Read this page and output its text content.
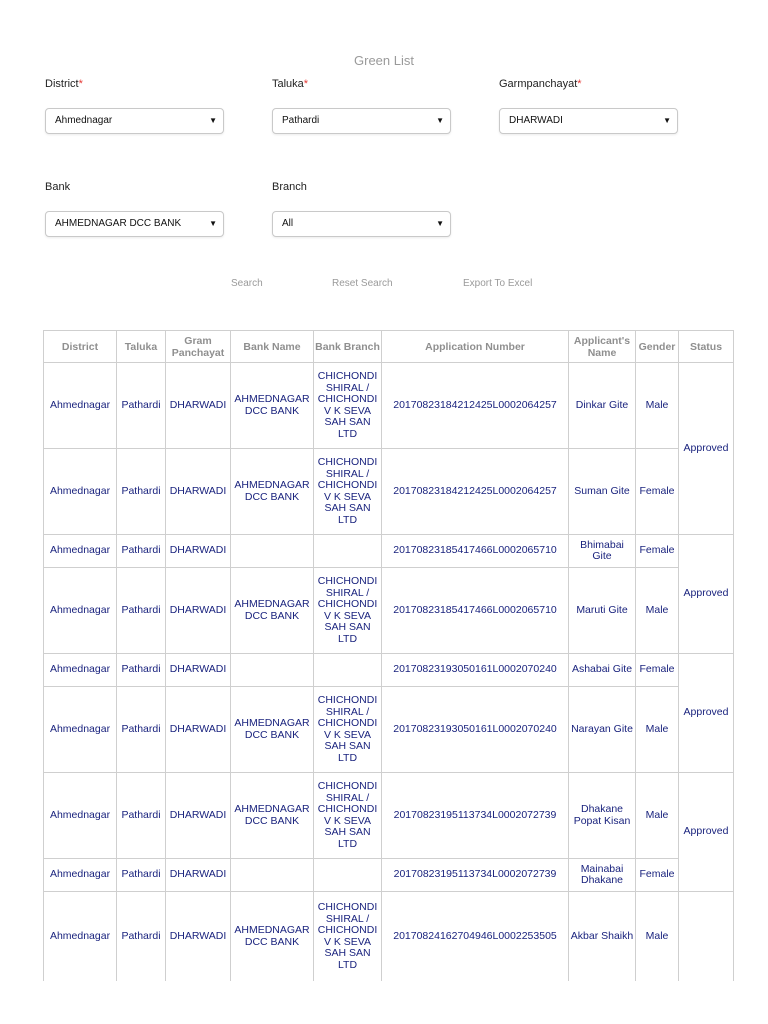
Green List
District*
Ahmednagar	▼
Taluka*
Pathardi	▼
Garmpanchayat*
DHARWADI	▼
Bank
AHMEDNAGAR DCC BANK	▼
Branch
All	▼
Search	Reset Search	Export To Excel
District	Taluka	Gram Panchayat	Bank Name	Bank Branch	Application Number	Applicant's Name	Gender	Status
Ahmednagar	Pathardi	DHARWADI	AHMEDNAGAR DCC BANK	CHICHONDI SHIRAL / CHICHONDI V K SEVA SAH SAN LTD	20170823184212425L0002064257	Dinkar Gite	Male	Approved
Ahmednagar	Pathardi	DHARWADI	AHMEDNAGAR DCC BANK	CHICHONDI SHIRAL / CHICHONDI V K SEVA SAH SAN LTD	20170823184212425L0002064257	Suman Gite	Female	
Ahmednagar	Pathardi	DHARWADI			20170823185417466L0002065710	Bhimabai Gite	Female	Approved
Ahmednagar	Pathardi	DHARWADI	AHMEDNAGAR DCC BANK	CHICHONDI SHIRAL / CHICHONDI V K SEVA SAH SAN LTD	20170823185417466L0002065710	Maruti Gite	Male	
Ahmednagar	Pathardi	DHARWADI			20170823193050161L0002070240	Ashabai Gite	Female	Approved
Ahmednagar	Pathardi	DHARWADI	AHMEDNAGAR DCC BANK	CHICHONDI SHIRAL / CHICHONDI V K SEVA SAH SAN LTD	20170823193050161L0002070240	Narayan Gite	Male	
Ahmednagar	Pathardi	DHARWADI	AHMEDNAGAR DCC BANK	CHICHONDI SHIRAL / CHICHONDI V K SEVA SAH SAN LTD	20170823195113734L0002072739	Dhakane Popat Kisan	Male	Approved
Ahmednagar	Pathardi	DHARWADI			20170823195113734L0002072739	Mainabai Dhakane	Female	
Ahmednagar	Pathardi	DHARWADI	AHMEDNAGAR DCC BANK	CHICHONDI SHIRAL / CHICHONDI V K SEVA SAH SAN LTD	20170824162704946L0002253505	Akbar Shaikh	Male	
